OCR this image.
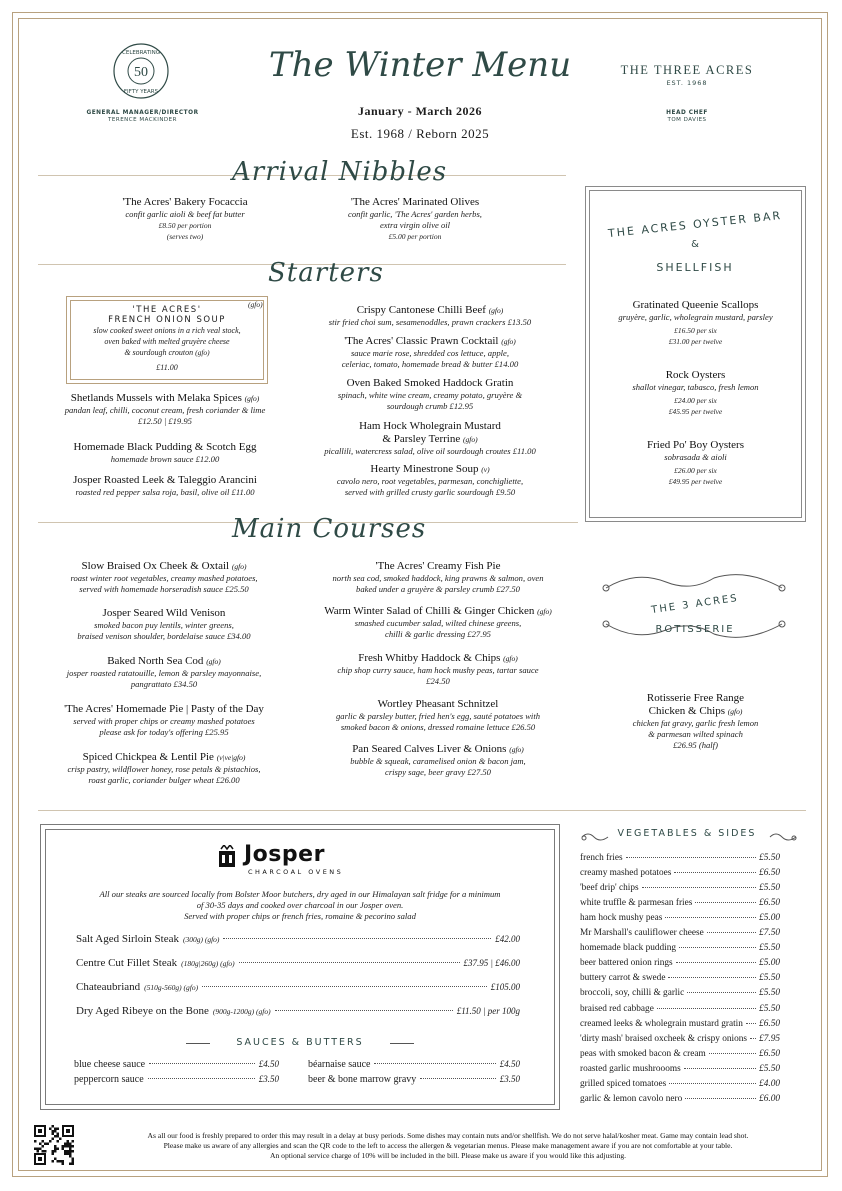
50
CELEBRATING
FIFTY YEARS
GENERAL MANAGER/DIRECTOR
TERENCE MACKINDER
The Winter Menu
January - March 2026
Est. 1968 / Reborn 2025
THE THREE ACRES
EST. 1968
HEAD CHEF
TOM DAVIES
Arrival Nibbles
'The Acres' Bakery Focaccia
confit garlic aioli & beef fat butter
£8.50 per portion
(serves two)
'The Acres' Marinated Olives
confit garlic, 'The Acres' garden herbs,
extra virgin olive oil
£5.00 per portion
Starters
'THE ACRES'
FRENCH ONION SOUP
slow cooked sweet onions in a rich veal stock,
oven baked with melted gruyère cheese
& sourdough crouton (gfo)
£11.00
(gfo)
Shetlands Mussels with Melaka Spices (gfo)
pandan leaf, chilli, coconut cream, fresh coriander & lime
£12.50 | £19.95
Homemade Black Pudding & Scotch Egg
homemade brown sauce £12.00
Josper Roasted Leek & Taleggio Arancini
roasted red pepper salsa roja, basil, olive oil £11.00
Crispy Cantonese Chilli Beef (gfo)
stir fried choi sum, sesamenoddles, prawn crackers £13.50
'The Acres' Classic Prawn Cocktail (gfo)
sauce marie rose, shredded cos lettuce, apple,
celeriac, tomato, homemade bread & butter £14.00
Oven Baked Smoked Haddock Gratin
spinach, white wine cream, creamy potato, gruyère &
sourdough crumb £12.95
Ham Hock Wholegrain Mustard
& Parsley Terrine (gfo)
picallili, watercress salad, olive oil sourdough croutes £11.00
Hearty Minestrone Soup (v)
cavolo nero, root vegetables, parmesan, conchigliette,
served with grilled crusty garlic sourdough £9.50
Main Courses
Slow Braised Ox Cheek & Oxtail (gfo)
roast winter root vegetables, creamy mashed potatoes,
served with homemade horseradish sauce £25.50
Josper Seared Wild Venison
smoked bacon puy lentils, winter greens,
braised venison shoulder, bordelaise sauce £34.00
Baked North Sea Cod (gfo)
josper roasted ratatouille, lemon & parsley mayonnaise,
pangrattato £34.50
'The Acres' Homemade Pie | Pasty of the Day
served with proper chips or creamy mashed potatoes
please ask for today's offering £25.95
Spiced Chickpea & Lentil Pie (v|ve|gfo)
crisp pastry, wildflower honey, rose petals & pistachios,
roast garlic, coriander bulger wheat £26.00
'The Acres' Creamy Fish Pie
north sea cod, smoked haddock, king prawns & salmon, oven
baked under a gruyère & parsley crumb £27.50
Warm Winter Salad of Chilli & Ginger Chicken (gfo)
smashed cucumber salad, wilted chinese greens,
chilli & garlic dressing £27.95
Fresh Whitby Haddock & Chips (gfo)
chip shop curry sauce, ham hock mushy peas, tartar sauce
£24.50
Wortley Pheasant Schnitzel
garlic & parsley butter, fried hen's egg, sauté potatoes with
smoked bacon & onions, dressed romaine lettuce £26.50
Pan Seared Calves Liver & Onions (gfo)
bubble & squeak, caramelised onion & bacon jam,
crispy sage, beer gravy £27.50
THE ACRES OYSTER BAR
&
SHELLFISH
Gratinated Queenie Scallops
gruyère, garlic, wholegrain mustard, parsley
£16.50 per six
£31.00 per twelve
Rock Oysters
shallot vinegar, tabasco, fresh lemon
£24.00 per six
£45.95 per twelve
Fried Po' Boy Oysters
sobrasada & aioli
£26.00 per six
£49.95 per twelve
THE 3 ACRES
ROTISSERIE
Rotisserie Free Range
Chicken & Chips (gfo)
chicken fat gravy, garlic fresh lemon
& parmesan wilted spinach
£26.95 (half)
Josper
CHARCOAL OVENS
All our steaks are sourced locally from Bolster Moor butchers, dry aged in our Himalayan salt fridge for a minimum
of 30-35 days and cooked over charcoal in our Josper oven.
Served with proper chips or french fries, romaine & pecorino salad
Salt Aged Sirloin Steak (300g) (gfo)	£42.00
Centre Cut Fillet Steak (180g|260g) (gfo)	£37.95 | £46.00
Chateaubriand (510g-560g) (gfo)	£105.00
Dry Aged Ribeye on the Bone (900g-1200g) (gfo)	£11.50 | per 100g
SAUCES & BUTTERS
blue cheese sauce	£4.50
peppercorn sauce	£3.50
béarnaise sauce	£4.50
beer & bone marrow gravy	£3.50
VEGETABLES & SIDES
french fries	£5.50
creamy mashed potatoes	£6.50
'beef drip' chips	£5.50
white truffle & parmesan fries	£6.50
ham hock mushy peas	£5.00
Mr Marshall's cauliflower cheese	£7.50
homemade black pudding	£5.50
beer battered onion rings	£5.00
buttery carrot & swede	£5.50
broccoli, soy, chilli & garlic	£5.50
braised red cabbage	£5.50
creamed leeks & wholegrain mustard gratin £6.50
'dirty mash' braised oxcheek & crispy onions £7.95
peas with smoked bacon & cream	£6.50
roasted garlic mushroooms	£5.50
grilled spiced tomatoes	£4.00
garlic & lemon cavolo nero	£6.00
As all our food is freshly prepared to order this may result in a delay at busy periods. Some dishes may contain nuts and/or shellfish. We do not serve halal/kosher meat. Game may contain lead shot.
Please make us aware of any allergies and scan the QR code to the left to access the allergen & vegetarian menus. Please make management aware if you are not comfortable at your table.
An optional service charge of 10% will be included in the bill. Please make us aware if you would like this adjusting.
